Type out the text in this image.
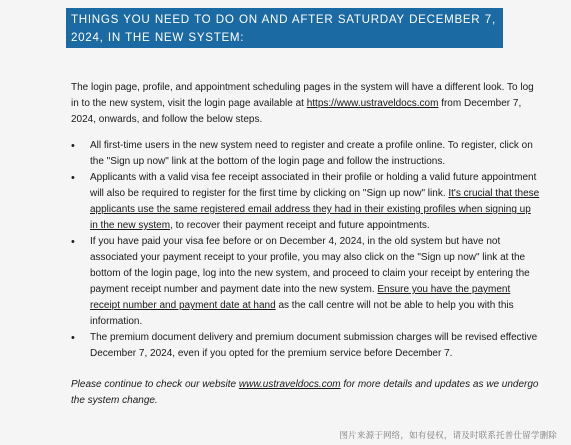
THINGS YOU NEED TO DO ON AND AFTER SATURDAY DECEMBER 7, 2024, IN THE NEW SYSTEM:
The login page, profile, and appointment scheduling pages in the system will have a different look. To log in to the new system, visit the login page available at https://www.ustraveldocs.com from December 7, 2024, onwards, and follow the below steps.
• All first-time users in the new system need to register and create a profile online. To register, click on the "Sign up now" link at the bottom of the login page and follow the instructions.
• Applicants with a valid visa fee receipt associated in their profile or holding a valid future appointment will also be required to register for the first time by clicking on "Sign up now" link. It's crucial that these applicants use the same registered email address they had in their existing profiles when signing up in the new system, to recover their payment receipt and future appointments.
• If you have paid your visa fee before or on December 4, 2024, in the old system but have not associated your payment receipt to your profile, you may also click on the "Sign up now" link at the bottom of the login page, log into the new system, and proceed to claim your receipt by entering the payment receipt number and payment date into the new system. Ensure you have the payment receipt number and payment date at hand as the call centre will not be able to help you with this information.
• The premium document delivery and premium document submission charges will be revised effective December 7, 2024, even if you opted for the premium service before December 7.
Please continue to check our website www.ustraveldocs.com for more details and updates as we undergo the system change.
图片来源于网络，如有侵权，请及时联系托普仕留学删除
